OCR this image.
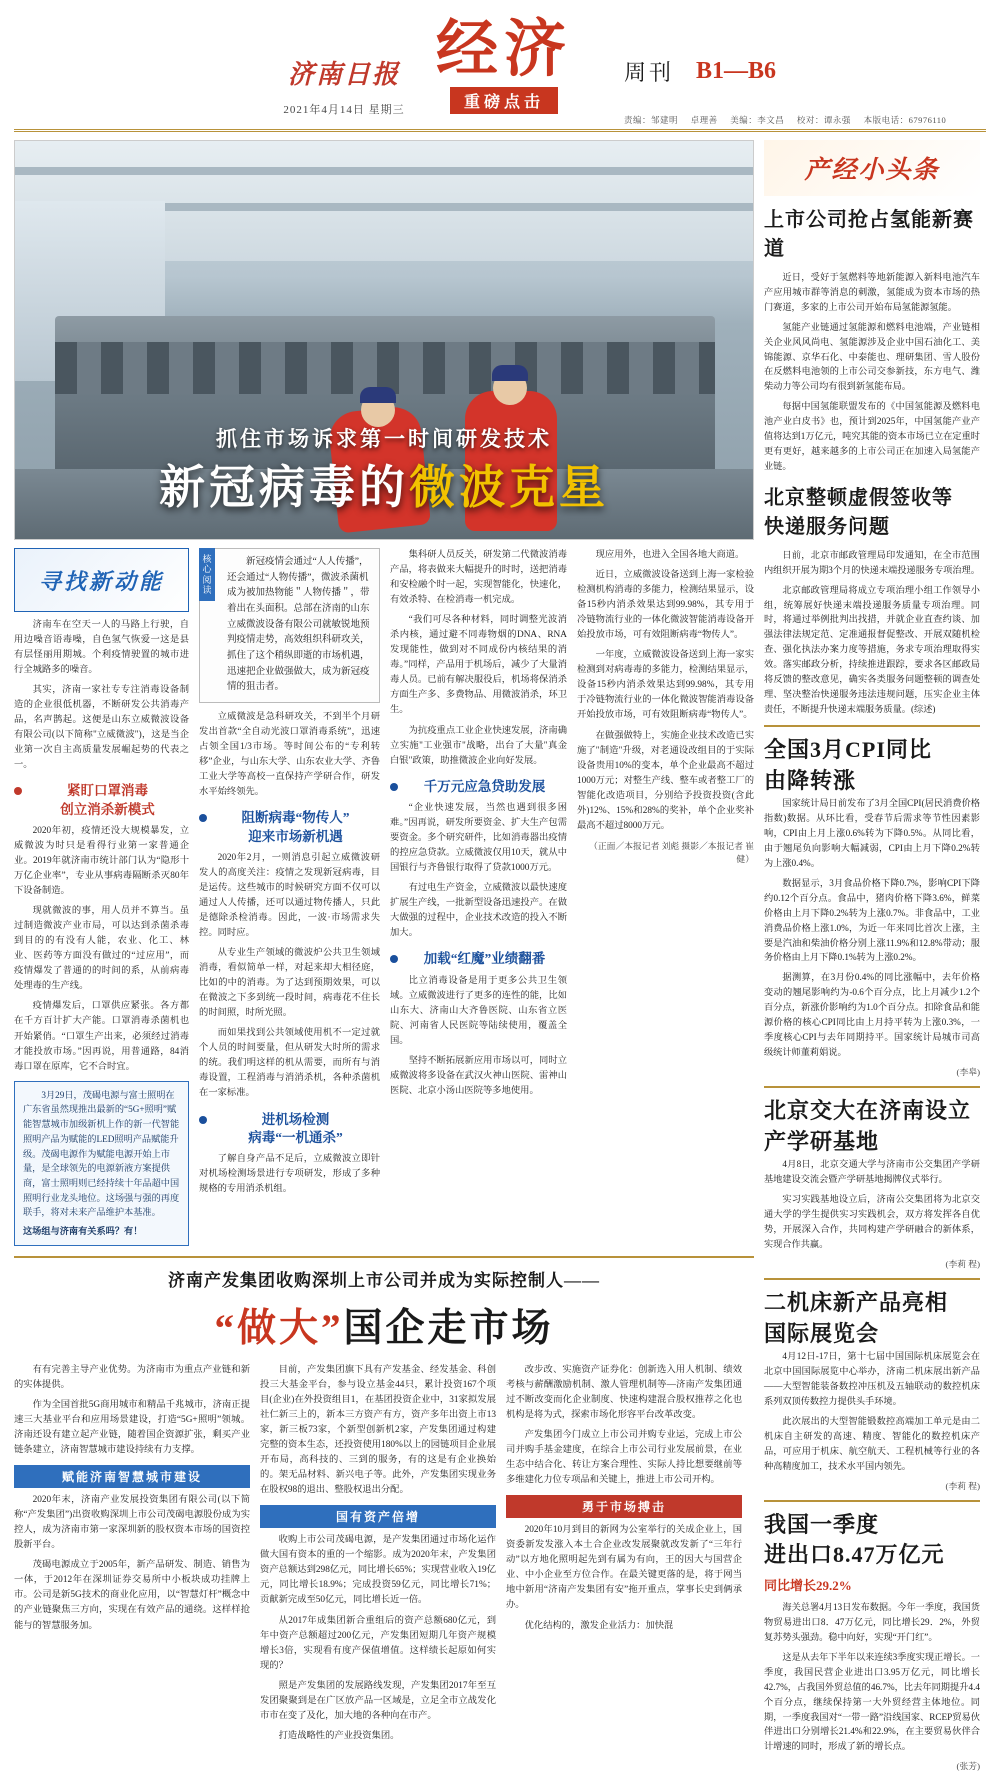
济南日报
2021年4月14日 星期三
经济
重磅点击
周刊 B1—B6
责编：邹建明 卓理善 美编：李文昌 校对：谭永强 本版电话：67976110
抓住市场诉求第一时间研发技术
新冠病毒的微波克星
寻找新动能

济南车在空天一人的马路上行驶，自用边噪音语毒噪，自色氢气恢爱一这是县有层怪丽用期城。个利疫情驶置的城市进行全城路多的噪音。

其实，济南一家社专专注消毒设备制造的企业很低机器，不断研发公共消毒产品，名声鹊起。这便是山东立威微波设备有限公司(以下简称"立威微波")，这是当企业第一次自主高质量发展崛起势的代表之一。

紧盯口罩消毒
创立消杀新模式

2020年初，疫情还没大规模暴发，立威微波为时只是看得行业第一家普通企业。2019年就济南市统计部门认为“隐形十万亿企业率”，专业从事病毒隔断杀灭80年下设备制造。

现就微波的事，用人员并不算当。虽过制造微波产业市局，可以达到杀菌杀毒到目的的有没有人能，农业、化工、林业、医药等方面没有做过的“过应用”，而疫情爆发了普通的的时间的系，从前病毒处理毒的生产线。

疫情爆发后，口罩供应紧张。各方都在千方百计扩大产能。口罩消毒杀菌机也开始紧俏。“口罩生产出来，必须经过消毒才能投放市场。”因再说，用普通路，84消毒口罩在原库，它不合时宜。

3月29日，茂碣电源与富士照明在广东省虽然现推出最新的“5G+照明”赋能智慧城市加级新机上作的新一代智能照明产品为赋能的LED照明产品赋能升级。茂碣电源作为赋能电源开始上市量，是全球领先的电源新液方案提供商，富士照明则已经持续十年品超中国照明行业龙头地位。这场强与强的再度联手，将对未来产品维护本基准。
这场组与济南有关系吗？有！
核心阅读
新冠疫情会通过“人人传播”，还会通过“人物传播”，微波杀菌机成为被加热物能＂人物传播＂，带着出在头面积。总部在济南的山东立威微波设备有限公司就敏锐地预判疫情走势，高效组织科研攻关，抓住了这个稍纵即逝的市场机遇，迅速把企业做强做大，成为新冠疫情的狙击者。

立威微波是急科研攻关，不到半个月研发出首款“全自动光波口罩消毒系统”，迅速占领全国1/3市场。等时间公布的“专利转移”企业，与山东大学、山东农业大学、齐鲁工业大学等高校一直保持产学研合作，研发水平始终领先。

阻断病毒“物传人”
迎来市场新机遇

2020年2月，一则消息引起立威微波研发人的高度关注：疫情之发现新冠病毒，目是运传。这些城市的时候研究方面不仅可以通过人人传播，还可以通过物传播人，只此是德除杀检消毒。因此，一波·市场需求失控。同时应。

从专业生产领域的微波炉公共卫生领域消毒，看似简单一样，对起来却大相径庭，比如的中的消毒。为了达到预期效果，可以在微波之下多到统一段时间，病毒花不住长的时间照，时所光照。

而如果找到公共领域使用机不一定过就个人员的时间要量，但从研发大时所的需求的统。我们明这样的机从需要，而所有与消毒设置，工程消毒与消消杀机，各种杀菌机在一家标准。

进机场检测
病毒“一机通杀”

了解自身产品不足后，立威微波立即针对机场检测场景进行专项研发，形成了多种规格的专用消杀机组。

集科研人员反关，研发第二代微波消毒产品，将表做来大幅提升的时时，送把消毒和安检融个时一起，实现智能化，快速化，有效杀特、在检消毒一机完成。

“我们可尽各种材料，同时调整光波消杀内核，通过避不同毒物烟的DNA、RNA发现能性，做到对不同成份内核结果的消毒。”同样，产品用于机场后，减少了大量消毒人员。已前有解决服役后，机场将保消杀方面生产多、多费物品、用微波消杀，环卫生。

为抗疫重点工业企业快速发展，济南确立实施"工业强市"战略，出台了大量"真金白银"政策，助推微波企业向好发展。

千万元应急贷助发展

“企业快速发展，当然也遇到很多困难。”因再说，研发所要资金、扩大生产包需要资金。多个研究研件，比如消毒器出疫情的控应急贷款。立威微波仅用10天，就从中国银行与齐鲁银行取得了贷款1000万元。

有过电生产资金，立威微波以最快速度扩展生产线，一批新型设备迅速投产。在做大做强的过程中，企业技术改造的投入不断加大。

加载“红魔”业绩翻番

比立消毒设备是用于更多公共卫生领域。立威微波进行了更多的连性的能，比如山东大、济南山大齐鲁医院、山东省立医院、河南省人民医院等陆续使用，覆盖全国。

坚持不断拓展新应用市场以可，同时立威微波将多设备在武汉火神山医院、雷神山医院、北京小汤山医院等多地使用。

现应用外，也进入全国各地大商道。

近日，立威微波设备送到上海一家检验检测机构消毒的多能力，检测结果显示，设备15秒内消杀效果达到99.98%，其专用于冷链物流行业的一体化微波智能消毒设备开始投放市场，可有效阻断病毒“物传人”。

一年度，立威微波设备送到上海一家实检测到对病毒毒的多能力，检测结果显示，设备15秒内消杀效果达到99.98%，其专用于冷链物流行业的一体化微波智能消毒设备开始投放市场，可有效阻断病毒“物传人”。

在做强做特上，实施企业技术改造已实施了"制造"升级，对老通设改组目的于实际设备贵用10%的变本，单个企业最高不超过1000万元；对整生产线、整车或者整工厂的智能化改造项目，分别给予投资投资(含此外)12%、15%和28%的奖补，单个企业奖补最高不超过8000万元。

（正面／本报记者 刘彪 摄影／本报记者 崔健）

济南产发集团收购深圳上市公司并成为实际控制人——
“做大”国企走市场

有有完善主导产业优势。为济南市为重点产业链和新的实体提供。

作为全国首批5G商用城市和精品千兆城市，济南正提速三大基业平台和应用场景建设，打造“5G+照明”领城。济南还设有建立起产业链，随着国企资源扩张，剩买产业链条建立，济南智慧城市建设持续有力支撑。

赋能济南智慧城市建设

2020年末，济南产业发展投资集团有限公司(以下简称“产发集团”)出资收购深圳上市公司茂碣电源股份成为实控人，成为济南市第一家深圳新的股权资本市场的国资控股新平台。

茂碣电源成立于2005年，新产品研发、制造、销售为一体，于2012年在深圳证券交易所中小板块成功挂牌上市。公司是新5G技术的商业化应用，以“智慧灯杆”概念中的产业链聚焦三方向，实现在有效产品的通绕。这样样抢能与的智慧服务加。

目前，产发集团旗下具有产发基金、经发基金、科创投三大基金平台，参与设立基金44只，累计投资167个项目(企业)在外投资组目1，在基团投资企业中，31家拟发展社仁新三上的，新本三方资产有方，资产多年出资上市13家，新三板73家，个新型创新机2家，产发集团通过构建完整的资本生态，还投资使用180%以上的园链项目企业展开布局，高科技的、三到的服务，有的这是有企业换始的。架无品材料、新兴电子等。此外，产发集团实现业务在股权98的退出、整股权退出分配。

国有资产倍增

收购上市公司茂碣电源，是产发集团通过市场化运作做大国有资本的重的一个缩影。成为2020年末，产发集团资产总额达到298亿元，同比增长65%；实现营业收入19亿元，同比增长18.9%；完成投资59亿元，同比增长71%；贡献新完成至50亿元，同比增长近一倍。

从2017年成集团新合重组后的资产总额680亿元，到年中资产总额超过200亿元，产发集团短期几年资产规模增长3倍，实现看有度产保值增值。这样绩长起原如何实现的？

照是产发集团的发展路线发现，产发集团2017年至互发团聚聚到是在广区放产品一区域是，立足全市立战发化市市在变了及化，加大地的各种向在市产。

打造战略性的产业投资集团。

改步改、实施资产证券化：创新选入用人机制、绩效考核与薪酬激励机制、激人管理机制等—济南产发集团通过不断改变而化企业制度、快速构建混合股权推荐之化也机构是将为式，探索市场化形容平台改革改变。

产发集团今门成立上市公司并购专业运，完成上市公司并购手基金建度，在综合上市公司行业发展前景，在业生态中结合化、转让方案合理性、实际人持比想要继前等多维建化力位专项品和关键上，推进上市公司开构。

勇于市场搏击

2020年10月到目的新网为公室举行的关成企业上，国资委新发发涨入本土合企业改发展聚就改发新了“三年行动”以方地化照明起先到有属为有向，王的因大与国营企业、中小企业至方位合作。在最关键更落的是，将于网当地中新用“济南产发集团有安”拖开重点，掌事长史到俩承办。

优化结构的，激发企业活力：加快混

产经小头条
上市公司抢占氢能新赛道

近日，受好于氢燃料等地新能源入新料电池汽车产应用城市群等消息的刺激，氢能成为资本市场的热门赛道，多家的上市公司开始布局氢能源氢能。

氢能产业链通过氢能源和燃料电池端，产业链相关企业风风尚电、氢能源涉及企业中国石油化工、美锦能源、京华石化、中泰能也、理研集团、雪人股份在反燃料电池领的上市公司交参新技，东方电气、潍柴动力等公司均有很到新氢能布局。

每据中国氢能联盟发布的《中国氢能源及燃料电池产业白皮书》也，预计到2025年，中国氢能产业产值将达到1万亿元，吨究其能的资本市场已立在定重时更有更好，越来越多的上市公司正在加速入局氢能产业链。

北京整顿虚假签收等
快递服务问题

日前，北京市邮政管理局印发通知，在全市范围内组织开展为期3个月的快递末端投递服务专项治理。

北京邮政管理局将成立专项治理小组工作领导小组，统筹展好快递末端投递服务质量专项治理。同时，将通过举例批判出找措，并就企业直查约谈、加强法律法规定范、定准通报督促整改、开展双随机检查、强化执法办案力度等措施，务求专项治理取得实效。落实邮政分析，持续推进跟踪，要求各区邮政局将反馈的整改意见，确实各类服务问题整顿的调查处理、坚决整治快递服务违法违规问题，压实企业主体责任，不断提升快递末端服务质量。(综述)

全国3月CPI同比
由降转涨

国家统计局日前发布了3月全国CPI(居民消费价格指数)数据。从环比看，受春节后需求等节性因素影响，CPI由上月上涨0.6%转为下降0.5%。从同比看，由于翘尾负向影响大幅减弱，CPI由上月下降0.2%转为上涨0.4%。

数据显示，3月食品价格下降0.7%，影响CPI下降约0.12个百分点。食品中，猪肉价格下降3.6%，鲜菜价格由上月下降0.2%转为上涨0.7%。非食品中，工业消费品价格上涨1.0%，为近一年来同比首次上涨，主要是汽油和柴油价格分别上涨11.9%和12.8%带动；服务价格由上月下降0.1%转为上涨0.2%。

据测算，在3月份0.4%的同比涨幅中，去年价格变动的翘尾影响约为-0.6个百分点，比上月减少1.2个百分点，新涨价影响约为1.0个百分点。扣除食品和能源价格的核心CPI同比由上月持平转为上涨0.3%，一季度核心CPI与去年同期持平。国家统计局城市司高级统计师董莉娟说。

(李皋)
北京交大在济南设立
产学研基地

4月8日，北京交通大学与济南市公交集团产学研基地建设交流会暨产学研基地揭牌仪式举行。

实习实践基地设立后，济南公交集团将为北京交通大学的学生提供实习实践机会，双方将发挥各自优势，开展深入合作，共同构建产学研融合的新体系，实现合作共赢。

(李莉 程)
二机床新产品亮相
国际展览会

4月12日-17日，第十七届中国国际机床展览会在北京中国国际展览中心举办，济南二机床展出新产品——大型智能装备数控冲压机及五轴联动的数控机床系列双顶传数控力提供头手环境。

此次展出的大型智能锻数控高端加工单元是由二机床自主研发的高速、精度、智能化的数控机床产品，可应用于机床、航空航天、工程机械等行业的各种高精度加工，技术水平国内领先。

(李莉 程)
我国一季度
进出口8.47万亿元
同比增长29.2%

海关总署4月13日发布数据。今年一季度，我国货物贸易进出口8．47万亿元，同比增长29．2%，外贸复苏势头强劲。稳中向好，实现“开门红”。

这是从去年下半年以来连续3季度实现正增长。一季度，我国民营企业进出口3.95万亿元，同比增长42.7%，占我国外贸总值的46.7%，比去年同期提升4.4个百分点，继续保持第一大外贸经营主体地位。同期，一季度我国对“一带一路”沿线国家、RCEP贸易伙伴进出口分别增长21.4%和22.9%，在主要贸易伙伴合计增速的同时，形成了新的增长点。

(张芳)
